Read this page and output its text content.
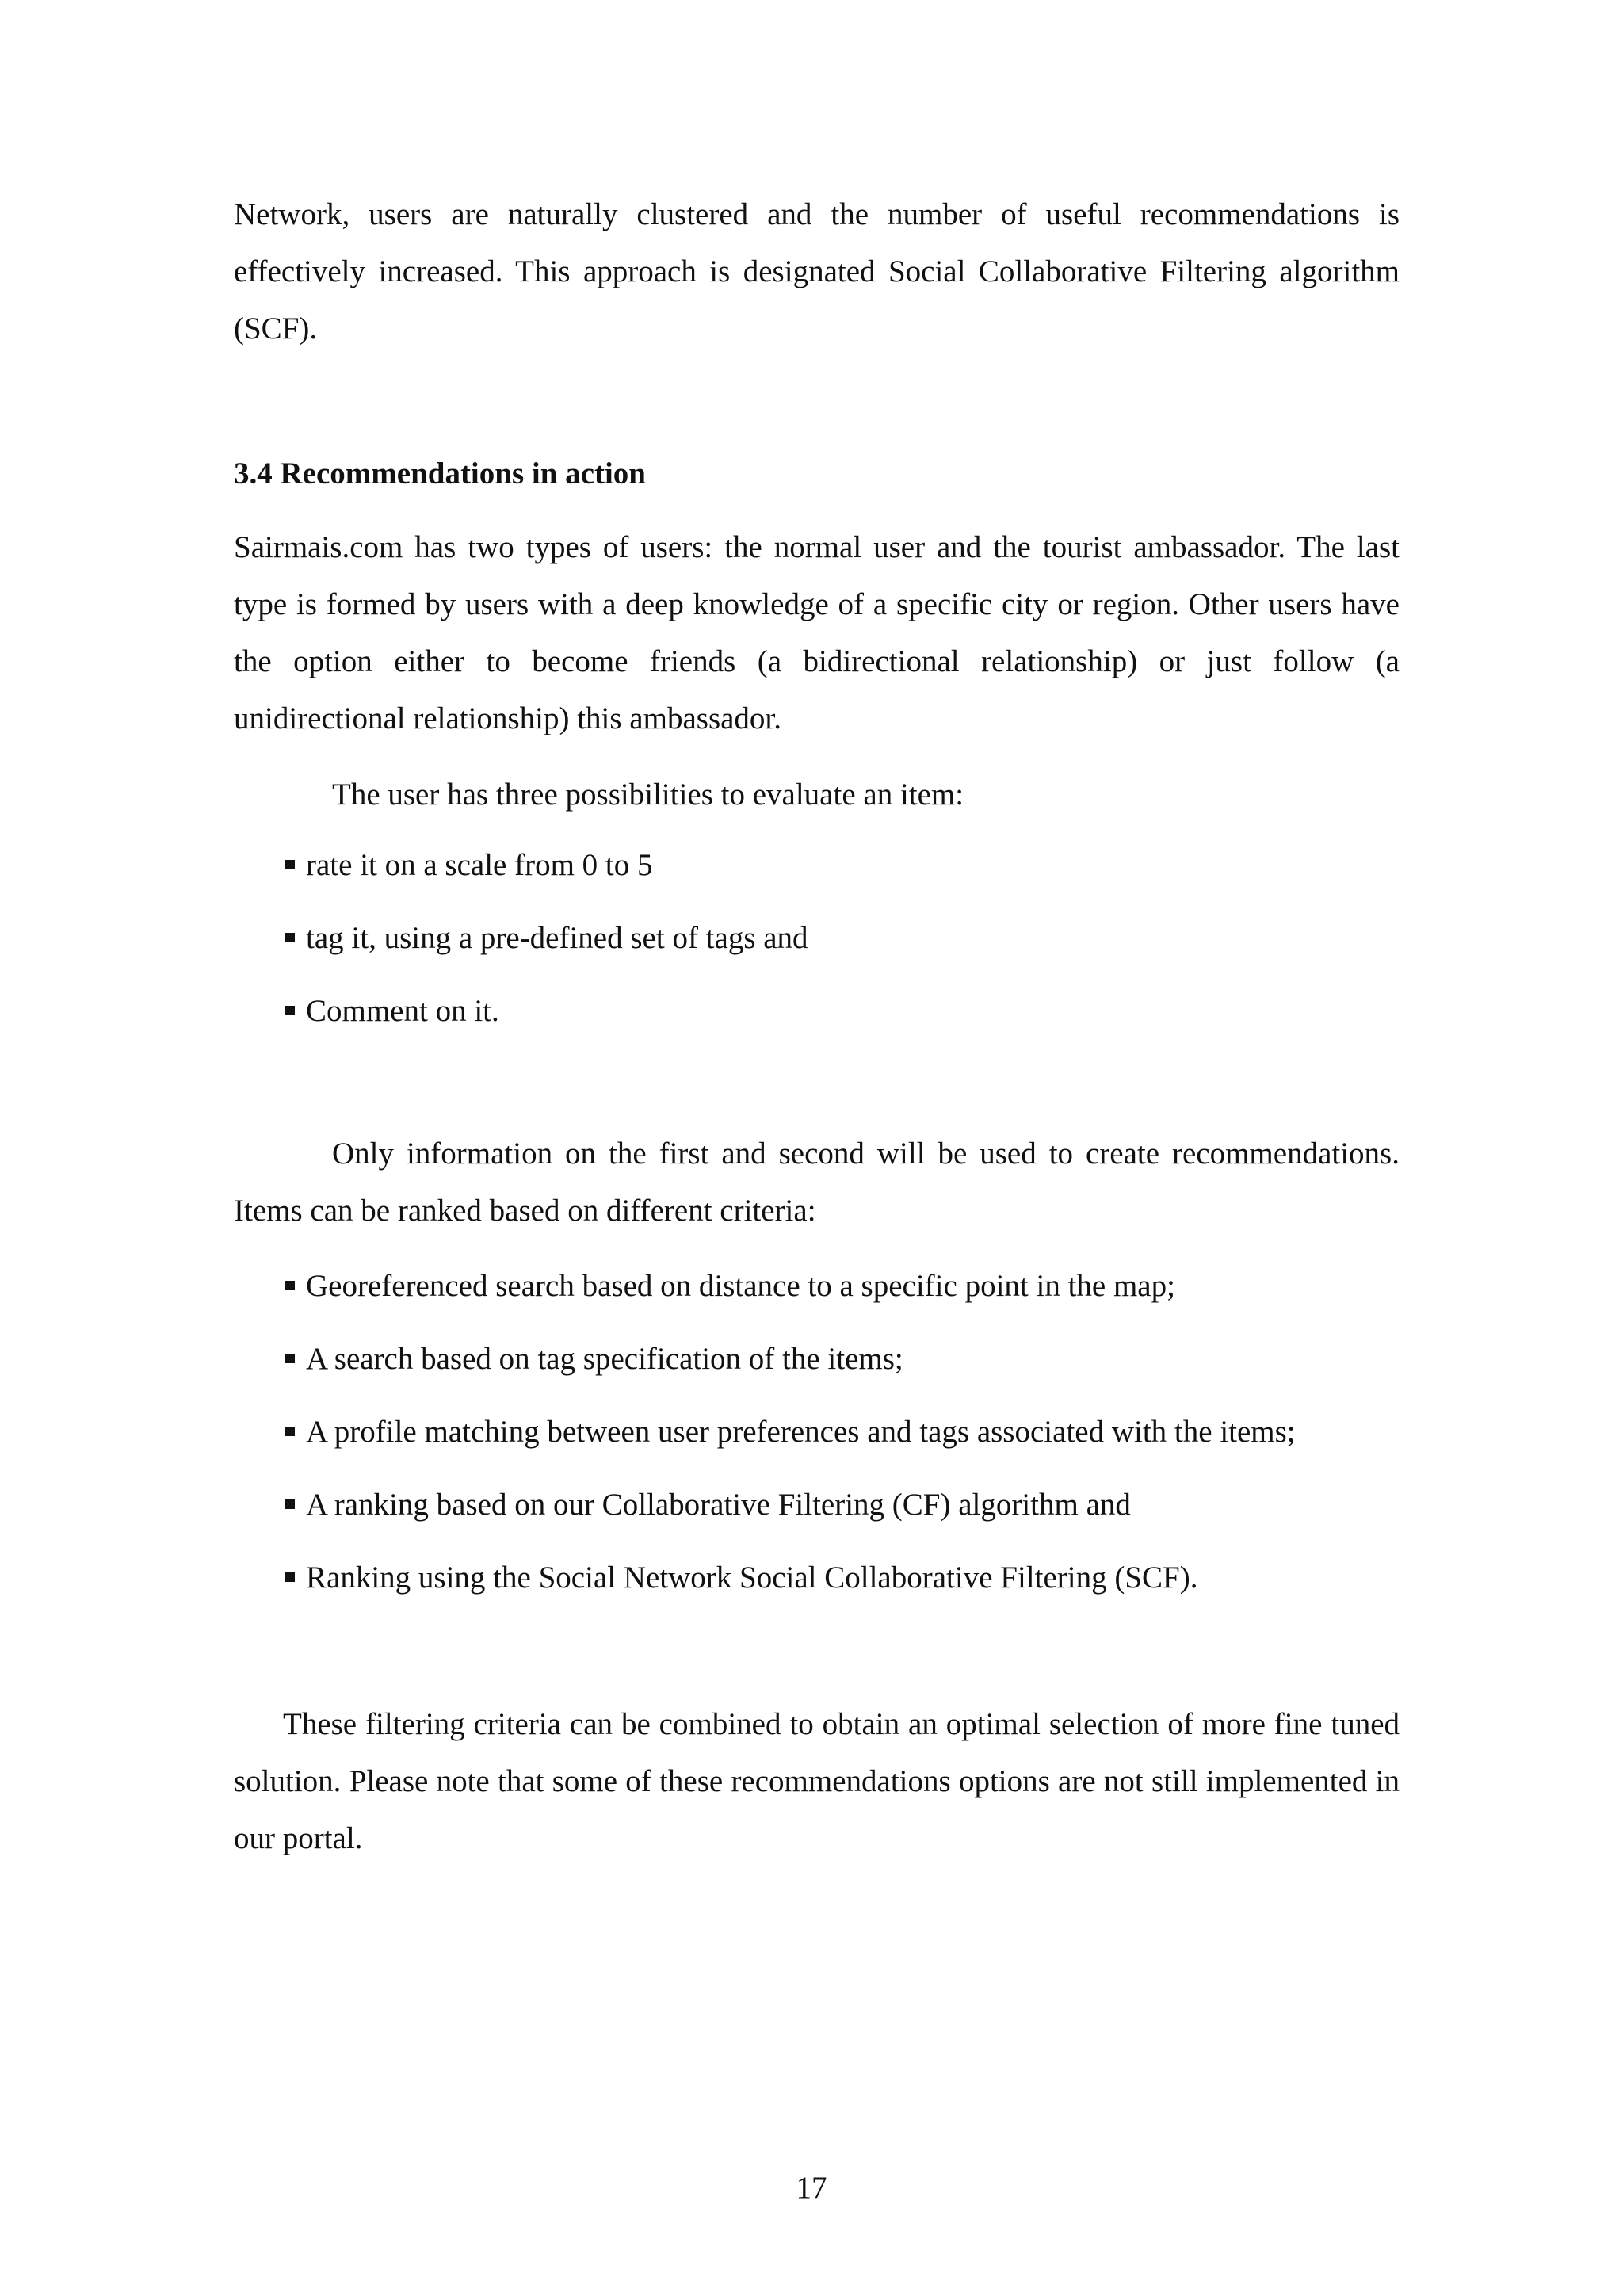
Network, users are naturally clustered and the number of useful recommendations is effectively increased. This approach is designated Social Collaborative Filtering algorithm (SCF).

3.4 Recommendations in action

Sairmais.com has two types of users: the normal user and the tourist ambassador. The last type is formed by users with a deep knowledge of a specific city or region. Other users have the option either to become friends (a bidirectional relationship) or just follow (a unidirectional relationship) this ambassador.

The user has three possibilities to evaluate an item:

rate it on a scale from 0 to 5
tag it, using a pre-defined set of tags and
Comment on it.

Only information on the first and second will be used to create recommendations. Items can be ranked based on different criteria:

Georeferenced search based on distance to a specific point in the map;
A search based on tag specification of the items;
A profile matching between user preferences and tags associated with the items;
A ranking based on our Collaborative Filtering (CF) algorithm and
Ranking using the Social Network Social Collaborative Filtering (SCF).

These filtering criteria can be combined to obtain an optimal selection of more fine tuned solution. Please note that some of these recommendations options are not still implemented in our portal.

17
